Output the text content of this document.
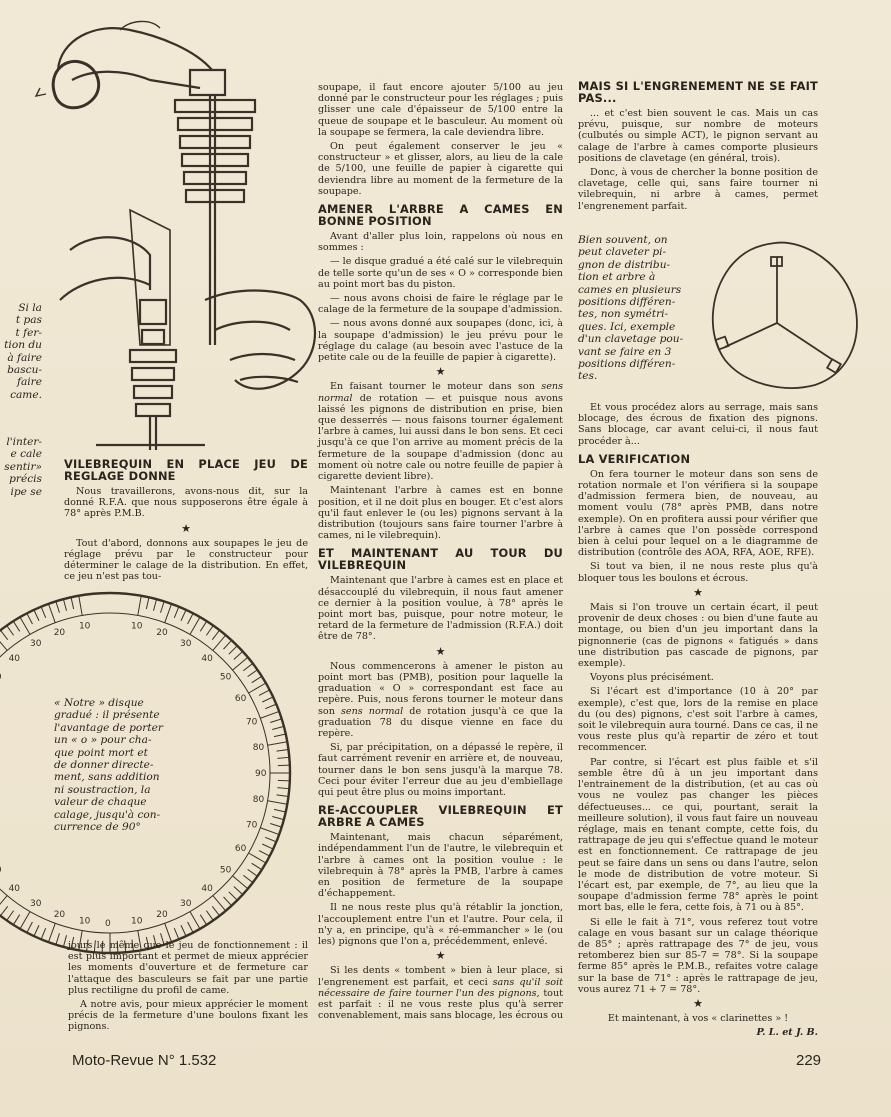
Si la
t pas
t fer-
tion du
à faire
bascu-
faire
came.
l'inter-
e cale
sentir»
précis
ipe se
VILEBREQUIN EN PLACE JEU DE REGLAGE DONNE

Nous travaillerons, avons-nous dit, sur la donné R.F.A. que nous supposerons être égale à 78° après P.M.B.

★

Tout d'abord, donnons aux soupapes le jeu de réglage prévu par le constructeur pour déterminer le calage de la distribution. En effet, ce jeu n'est pas tou-

10
20
30
40
50
60
70
80
90
80
70
60
50
40
30
20
10
0
10
20
30
40
40
30
20
10
« Notre » disque
gradué : il présente
l'avantage de porter
un « o » pour cha-
que point mort et
de donner directe-
ment, sans addition
ni soustraction, la
valeur de chaque
calage, jusqu'à con-
currence de 90°

jours le même que le jeu de fonctionnement : il est plus important et permet de mieux apprécier les moments d'ouverture et de fermeture car l'attaque des basculeurs se fait par une partie plus rectiligne du profil de came.

A notre avis, pour mieux apprécier le moment précis de la fermeture d'une boulons fixant les pignons.

soupape, il faut encore ajouter 5/100 au jeu donné par le constructeur pour les réglages ; puis glisser une cale d'épaisseur de 5/100 entre la queue de soupape et le basculeur. Au moment où la soupape se fermera, la cale deviendra libre.

On peut également conserver le jeu « constructeur » et glisser, alors, au lieu de la cale de 5/100, une feuille de papier à cigarette qui deviendra libre au moment de la fermeture de la soupape.

AMENER L'ARBRE A CAMES EN BONNE POSITION

Avant d'aller plus loin, rappelons où nous en sommes :

— le disque gradué a été calé sur le vilebrequin de telle sorte qu'un de ses « O » corresponde bien au point mort bas du piston.

— nous avons choisi de faire le réglage par le calage de la fermeture de la soupape d'admission.

— nous avons donné aux soupapes (donc, ici, à la soupape d'admission) le jeu prévu pour le réglage du calage (au besoin avec l'astuce de la petite cale ou de la feuille de papier à cigarette).

★

En faisant tourner le moteur dans son sens normal de rotation — et puisque nous avons laissé les pignons de distribution en prise, bien que desserrés — nous faisons tourner également l'arbre à cames, lui aussi dans le bon sens. Et ceci jusqu'à ce que l'on arrive au moment précis de la fermeture de la soupape d'admission (donc au moment où notre cale ou notre feuille de papier à cigarette devient libre).

Maintenant l'arbre à cames est en bonne position, et il ne doit plus en bouger. Et c'est alors qu'il faut enlever le (ou les) pignons servant à la distribution (toujours sans faire tourner l'arbre à cames, ni le vilebrequin).

ET MAINTENANT AU TOUR DU VILEBREQUIN

Maintenant que l'arbre à cames est en place et désaccouplé du vilebrequin, il nous faut amener ce dernier à la position voulue, à 78° après le point mort bas, puisque, pour notre moteur, le retard de la fermeture de l'admission (R.F.A.) doit être de 78°.

★

Nous commencerons à amener le piston au point mort bas (PMB), position pour laquelle la graduation « O » correspondant est face au repère. Puis, nous ferons tourner le moteur dans son sens normal de rotation jusqu'à ce que la graduation 78 du disque vienne en face du repère.

Si, par précipitation, on a dépassé le repère, il faut carrément revenir en arrière et, de nouveau, tourner dans le bon sens jusqu'à la marque 78. Ceci pour éviter l'erreur due au jeu d'embiellage qui peut être plus ou moins important.

RE-ACCOUPLER VILEBREQUIN ET ARBRE A CAMES

Maintenant, mais chacun séparément, indépendamment l'un de l'autre, le vilebrequin et l'arbre à cames ont la position voulue : le vilebrequin à 78° après la PMB, l'arbre à cames en position de fermeture de la soupape d'échappement.

Il ne nous reste plus qu'à rétablir la jonction, l'accouplement entre l'un et l'autre. Pour cela, il n'y a, en principe, qu'à « ré-emmancher » le (ou les) pignons que l'on a, précédemment, enlevé.

★

Si les dents « tombent » bien à leur place, si l'engrenement est parfait, et ceci sans qu'il soit nécessaire de faire tourner l'un des pignons, tout est parfait : il ne vous reste plus qu'à serrer convenablement, mais sans blocage, les écrous ou

MAIS SI L'ENGRENEMENT NE SE FAIT PAS...

... et c'est bien souvent le cas. Mais un cas prévu, puisque, sur nombre de moteurs (culbutés ou simple ACT), le pignon servant au calage de l'arbre à cames comporte plusieurs positions de clavetage (en général, trois).

Donc, à vous de chercher la bonne position de clavetage, celle qui, sans faire tourner ni vilebrequin, ni arbre à cames, permet l'engrenement parfait.

Bien souvent, on
peut claveter pi-
gnon de distribu-
tion et arbre à
cames en plusieurs
positions différen-
tes, non symétri-
ques. Ici, exemple
d'un clavetage pou-
vant se faire en 3
positions différen-
tes.

Et vous procédez alors au serrage, mais sans blocage, des écrous de fixation des pignons. Sans blocage, car avant celui-ci, il nous faut procéder à...

LA VERIFICATION

On fera tourner le moteur dans son sens de rotation normale et l'on vérifiera si la soupape d'admission fermera bien, de nouveau, au moment voulu (78° après PMB, dans notre exemple). On en profitera aussi pour vérifier que l'arbre à cames que l'on possède correspond bien à celui pour lequel on a le diagramme de distribution (contrôle des AOA, RFA, AOE, RFE).

Si tout va bien, il ne nous reste plus qu'à bloquer tous les boulons et écrous.

★

Mais si l'on trouve un certain écart, il peut provenir de deux choses : ou bien d'une faute au montage, ou bien d'un jeu important dans la pignonnerie (cas de pignons « fatigués » dans une distribution pas cascade de pignons, par exemple).

Voyons plus précisément.

Si l'écart est d'importance (10 à 20° par exemple), c'est que, lors de la remise en place du (ou des) pignons, c'est soit l'arbre à cames, soit le vilebrequin aura tourné. Dans ce cas, il ne vous reste plus qu'à repartir de zéro et tout recommencer.

Par contre, si l'écart est plus faible et s'il semble être dû à un jeu important dans l'entrainement de la distribution, (et au cas où vous ne voulez pas changer les pièces défectueuses... ce qui, pourtant, serait la meilleure solution), il vous faut faire un nouveau réglage, mais en tenant compte, cette fois, du rattrapage de jeu qui s'effectue quand le moteur est en fonctionnement. Ce rattrapage de jeu peut se faire dans un sens ou dans l'autre, selon le mode de distribution de votre moteur. Si l'écart est, par exemple, de 7°, au lieu que la soupape d'admission ferme 78° après le point mort bas, elle le fera, cette fois, à 71 ou à 85°.

Si elle le fait à 71°, vous referez tout votre calage en vous basant sur un calage théorique de 85° ; après rattrapage des 7° de jeu, vous retomberez bien sur 85-7 = 78°. Si la soupape ferme 85° après le P.M.B., refaites votre calage sur la base de 71° : après le rattrapage de jeu, vous aurez 71 + 7 = 78°.

★

Et maintenant, à vos « clarinettes » !

P. L. et J. B.

Moto-Revue N° 1.532	229
